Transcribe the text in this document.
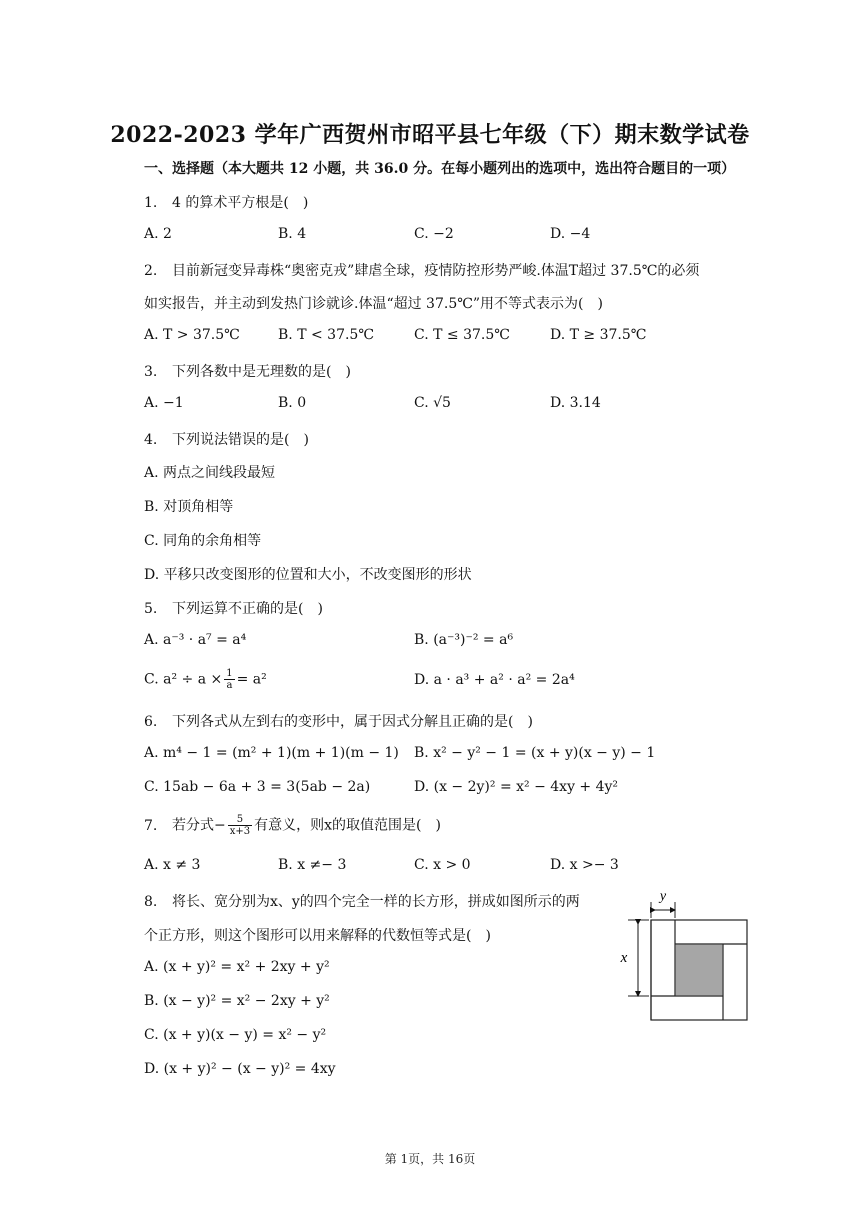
2022-2023 学年广西贺州市昭平县七年级（下）期末数学试卷
一、选择题（本大题共 12 小题，共 36.0 分。在每小题列出的选项中，选出符合题目的一项）
1. 4 的算术平方根是( )
A. 2	B. 4	C. −2	D. −4
2. 目前新冠变异毒株“奥密克戎”肆虐全球，疫情防控形势严峻.体温T超过 37.5℃的必须
如实报告，并主动到发热门诊就诊.体温“超过 37.5℃”用不等式表示为( )
A. T > 37.5℃	B. T < 37.5℃	C. T ≤ 37.5℃	D. T ≥ 37.5℃
3. 下列各数中是无理数的是( )
A. −1	B. 0	C. √5	D. 3.14
4. 下列说法错误的是( )
A. 两点之间线段最短
B. 对顶角相等
C. 同角的余角相等
D. 平移只改变图形的位置和大小，不改变图形的形状
5. 下列运算不正确的是( )
A. a⁻³ · a⁷ = a⁴	B. (a⁻³)⁻² = a⁶
C. $a^2 \div a \times \frac{1}{a} = a^2$	D. a · a³ + a² · a² = 2a⁴
6. 下列各式从左到右的变形中，属于因式分解且正确的是( )
A. m⁴ − 1 = (m² + 1)(m + 1)(m − 1) B. x² − y² − 1 = (x + y)(x − y) − 1
C. 15ab − 6a + 3 = 3(5ab − 2a)	D. (x − 2y)² = x² − 4xy + 4y²
7. 若分式− $\frac{5}{x+3}$ 有意义，则x的取值范围是( )
A. x ≠ 3	B. x ≠− 3	C. x > 0	D. x >− 3
8. 将长、宽分别为x、y的四个完全一样的长方形，拼成如图所示的两
个正方形，则这个图形可以用来解释的代数恒等式是( )
A. (x + y)² = x² + 2xy + y²
B. (x − y)² = x² − 2xy + y²
C. (x + y)(x − y) = x² − y²
D. (x + y)² − (x − y)² = 4xy
y
x
第 1页，共 16页
